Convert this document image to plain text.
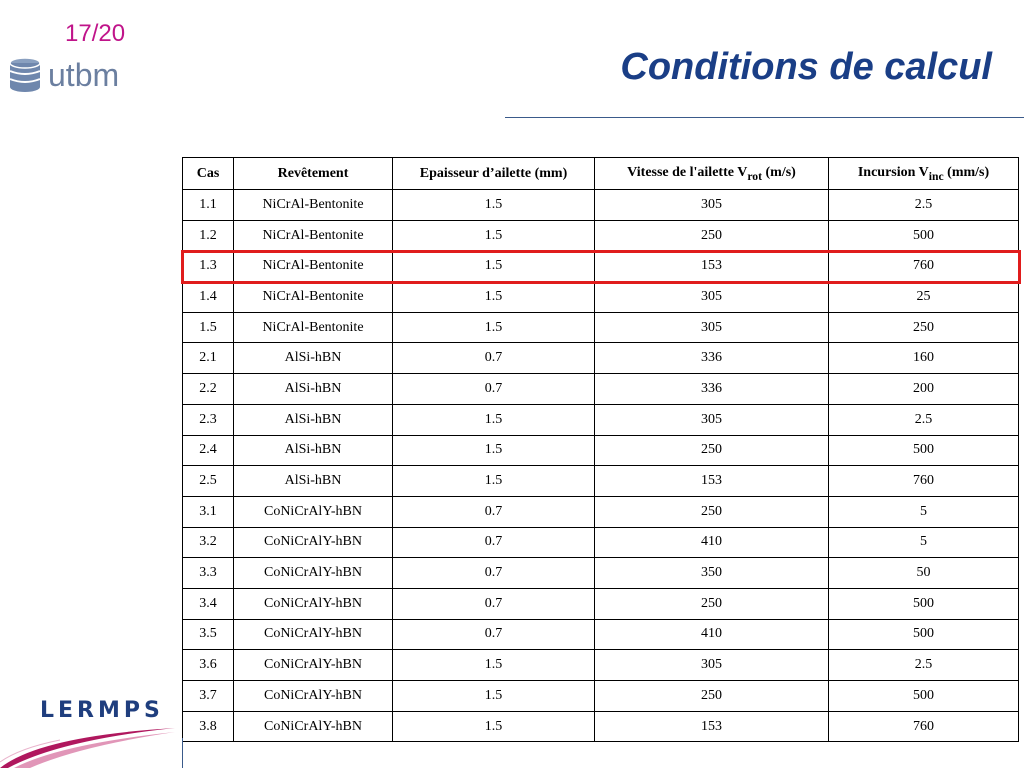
17/20
utbm	Conditions de calcul
Cas	Revêtement	Epaisseur d’ailette (mm)	Vitesse de l'ailette $V_{rot}$ (m/s)	Incursion $V_{inc}$ (mm/s)
1.1	NiCrAl-Bentonite	1.5	305	2.5
1.2	NiCrAl-Bentonite	1.5	250	500
1.3	NiCrAl-Bentonite	1.5	153	760
1.4	NiCrAl-Bentonite	1.5	305	25
1.5	NiCrAl-Bentonite	1.5	305	250
2.1	AlSi-hBN	0.7	336	160
2.2	AlSi-hBN	0.7	336	200
2.3	AlSi-hBN	1.5	305	2.5
2.4	AlSi-hBN	1.5	250	500
2.5	AlSi-hBN	1.5	153	760
3.1	CoNiCrAlY-hBN	0.7	250	5
3.2	CoNiCrAlY-hBN	0.7	410	5
3.3	CoNiCrAlY-hBN	0.7	350	50
3.4	CoNiCrAlY-hBN	0.7	250	500
3.5	CoNiCrAlY-hBN	0.7	410	500
3.6	CoNiCrAlY-hBN	1.5	305	2.5
3.7	CoNiCrAlY-hBN	1.5	250	500
3.8	CoNiCrAlY-hBN	1.5	153	760
LERMPS
